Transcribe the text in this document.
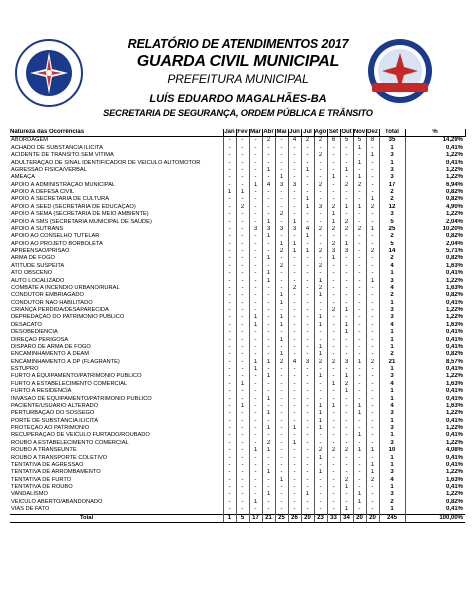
RELATÓRIO DE ATENDIMENTOS 2017
GUARDA CIVIL MUNICIPAL
PREFEITURA MUNICIPAL
LUÍS EDUARDO MAGALHÃES-BA
SECRETARIA DE SEGURANÇA, ORDEM PÚBLICA E TRÂNSITO
Natureza das Ocorrências	Jan	Fev	Mar	Abr	Mai	Jun	Jul	Ago	Set	Out	Nov	Dez	Total	%
ABORDAGEM	-	-	-	2	-	4	2	2	6	5	5	8	35	14,29%
ACHADO DE SUBSTÂNCIA ILÍCITA	-	-	-	-	-	-	-	-	-	-	1	-	1	0,41%
ACIDENTE DE TRÂNSITO SEM VÍTIMA	-	-	-	-	-	-	-	2	-	-	-	1	3	1,22%
ADULTERAÇÃO DE SINAL IDENTIFICADOR DE VEÍCULO AUTOMOTOR	-	-	-	-	-	-	-	-	-	-	1	-	1	0,41%
AGRESSÃO FÍSICA/VERBAL	-	-	-	1	-	-	1	-	-	1	-	-	3	1,22%
AMEAÇA	-	-	-	-	1	-	-	-	1	-	1	-	3	1,22%
APOIO À ADMINISTRAÇÃO MUNICIPAL	-	-	1	4	3	3	-	2	-	2	2	-	17	6,94%
APOIO À DEFESA CIVIL	1	1	-	-	-	-	-	-	-	-	-	-	2	0,82%
APOIO À SECRETARIA DE CULTURA	-	-	-	-	-	-	1	-	-	-	-	1	2	0,82%
APOIO À SEED (SECRETARIA DE EDUCAÇÃO)	-	2	-	-	-	-	1	3	2	1	1	2	12	4,90%
APOIO À SEMA (SECRETARIA DE MEIO AMBIENTE)	-	-	-	-	2	-	-	-	1	-	-	-	3	1,22%
APOIO À SMS (SECRETARIA MUNICIPAL DE SAÚDE)	-	-	-	1	-	1	-	-	1	2	-	-	5	2,04%
APOIO À SUTRANS	-	-	3	3	3	3	4	2	2	2	2	1	25	10,20%
APOIO AO CONSELHO TUTELAR	-	-	-	1	-	-	1	-	-	-	-	-	2	0,82%
APOIO AO PROJETO BORBOLETA	-	-	-	-	1	1	-	-	2	1	-	-	5	2,04%
APREENSÃO/PRISÃO	-	-	-	-	2	1	1	2	3	3	-	2	14	5,71%
ARMA DE FOGO	-	-	-	1	-	-	-	-	1	-	-	-	2	0,82%
ATITUDE SUSPEITA	-	-	-	-	2	-	-	2	-	-	-	-	4	1,63%
ATO OBSCENO	-	-	-	1	-	-	-	-	-	-	-	-	1	0,41%
AUTO LOCALIZADO	-	-	-	1	-	-	-	1	-	-	-	1	3	1,22%
COMBATE A INCÊNDIO URBANO/RURAL	-	-	-	-	-	2	-	2	-	-	-	-	4	1,63%
CONDUTOR EMBRIAGADO	-	-	-	-	1	-	-	1	-	-	-	-	2	0,82%
CONDUTOR NÃO HABILITADO	-	-	-	-	1	-	-	-	-	-	-	-	1	0,41%
CRIANÇA PERDIDA/DESAPARECIDA	-	-	-	-	-	-	-	-	2	1	-	-	3	1,22%
DEPREDAÇÃO DO PATRIMÔNIO PÚBLICO	-	-	1	-	1	-	-	1	-	-	-	-	3	1,22%
DESACATO	-	-	1	-	1	-	-	1	-	1	-	-	4	1,63%
DESOBEDIENCIA	-	-	-	-	-	-	-	-	-	1	-	-	1	0,41%
DIREÇÃO PERIGOSA	-	-	-	-	1	-	-	-	-	-	-	-	1	0,41%
DISPARO DE ARMA DE FOGO	-	-	-	-	-	-	-	1	-	-	-	-	1	0,41%
ENCAMINHAMENTO À DEAM	-	-	-	-	1	-	-	1	-	-	-	-	2	0,82%
ENCAMINHAMENTO À DP (FLAGRANTE)	-	-	1	1	2	4	3	2	2	3	1	2	21	8,57%
ESTUPRO	-	-	1	-	-	-	-	-	-	-	-	-	1	0,41%
FURTO A EQUIPAMENTO/PATRIMÔNIO PÚBLICO	-	-	-	1	-	-	-	1	-	1	-	-	3	1,22%
FURTO A ESTABELECIMENTO COMERCIAL	-	1	-	-	-	-	-	-	1	2	-	-	4	1,63%
FURTO A RESIDÊNCIA	-	-	-	-	-	-	-	-	-	1	-	-	1	0,41%
INVASÃO DE EQUIPAMENTO/PATRIMÔNIO PÚBLICO	-	-	-	1	-	-	-	-	-	-	-	-	1	0,41%
PACIENTE/USUÁRIO ALTERADO	-	1	-	-	-	-	-	1	1	-	1	-	4	1,63%
PERTURBAÇÃO DO SOSSEGO	-	-	-	1	-	-	-	1	-	-	1	-	3	1,22%
PORTE DE SUBSTÂNCIA ILÍCITA	-	-	-	-	-	-	-	1	-	-	-	-	1	0,41%
PROTEÇÃO AO PATRIMÔNIO	-	-	-	1	-	1	-	1	-	-	-	-	3	1,22%
RECUPERAÇÃO DE VEÍCULO FURTADO/ROUBADO	-	-	-	-	-	-	-	-	-	-	1	-	1	0,41%
ROUBO A ESTABELECIMENTO COMERCIAL	-	-	-	2	-	1	-	-	-	-	-	-	3	1,22%
ROUBO A TRANSEUNTE	-	-	1	1	-	-	-	2	2	2	1	1	10	4,08%
ROUBO A TRANSPORTE COLETIVO	-	-	-	-	-	-	-	1	-	-	-	-	1	0,41%
TENTATIVA DE AGRESSÃO	-	-	-	-	-	-	-	-	-	-	-	1	1	0,41%
TENTATIVA DE ARROMBAMENTO	-	-	-	1	-	-	-	1	-	-	-	1	3	1,22%
TENTATIVA DE FURTO	-	-	-	-	1	-	-	-	-	2	-	2	4	1,63%
TENTATIVA DE ROUBO	-	-	-	-	-	-	-	-	-	1	-	-	1	0,41%
VANDALISMO	-	-	-	1	-	-	1	-	-	-	1	-	3	1,22%
VEÍCULO ABERTO/ABANDONADO	-	-	1	-	-	-	-	-	-	-	1	-	2	0,82%
VIAS DE FATO	-	-	-	-	-	-	-	-	-	1	-	-	1	0,41%
Total	1	5	17	21	25	26	20	23	33	34	20	20	245	100,00%
